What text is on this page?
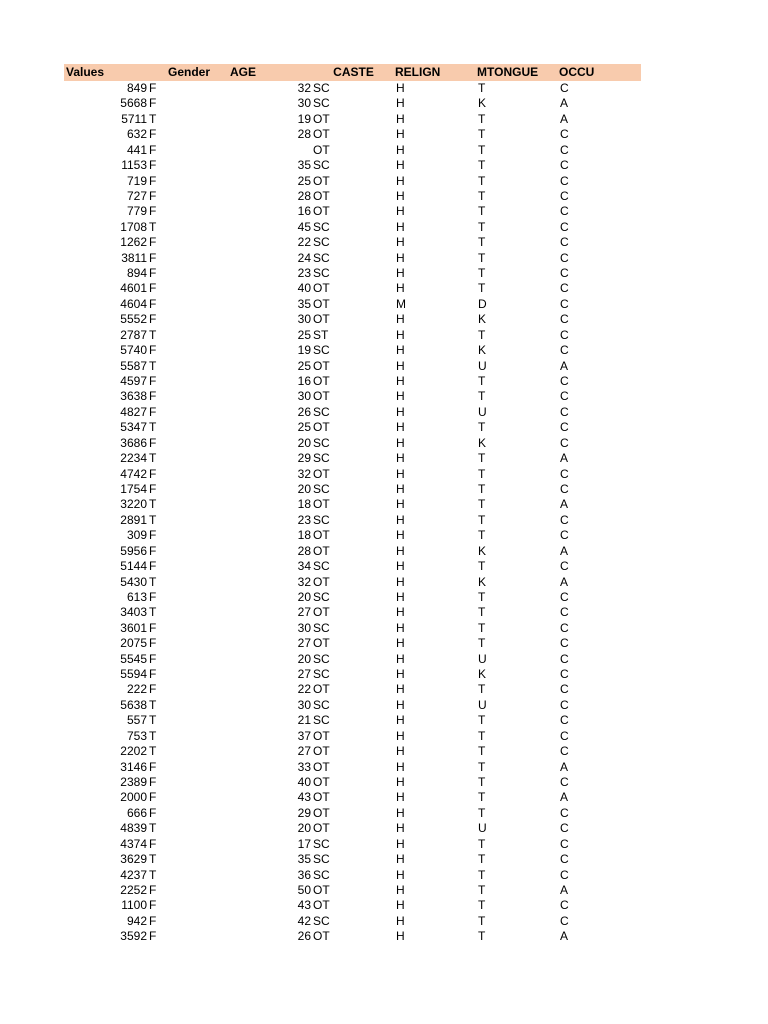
Values	Gender	AGE	CASTE	RELIGN	MTONGUE	OCCU
849 F	32 SC	H	T	C
5668 F	30 SC	H	K	A
5711 T	19 OT	H	T	A
632 F	28 OT	H	T	C
441 F	OT	H	T	C
1153 F	35 SC	H	T	C
719 F	25 OT	H	T	C
727 F	28 OT	H	T	C
779 F	16 OT	H	T	C
1708 T	45 SC	H	T	C
1262 F	22 SC	H	T	C
3811 F	24 SC	H	T	C
894 F	23 SC	H	T	C
4601 F	40 OT	H	T	C
4604 F	35 OT	M	D	C
5552 F	30 OT	H	K	C
2787 T	25 ST	H	T	C
5740 F	19 SC	H	K	C
5587 T	25 OT	H	U	A
4597 F	16 OT	H	T	C
3638 F	30 OT	H	T	C
4827 F	26 SC	H	U	C
5347 T	25 OT	H	T	C
3686 F	20 SC	H	K	C
2234 T	29 SC	H	T	A
4742 F	32 OT	H	T	C
1754 F	20 SC	H	T	C
3220 T	18 OT	H	T	A
2891 T	23 SC	H	T	C
309 F	18 OT	H	T	C
5956 F	28 OT	H	K	A
5144 F	34 SC	H	T	C
5430 T	32 OT	H	K	A
613 F	20 SC	H	T	C
3403 T	27 OT	H	T	C
3601 F	30 SC	H	T	C
2075 F	27 OT	H	T	C
5545 F	20 SC	H	U	C
5594 F	27 SC	H	K	C
222 F	22 OT	H	T	C
5638 T	30 SC	H	U	C
557 T	21 SC	H	T	C
753 T	37 OT	H	T	C
2202 T	27 OT	H	T	C
3146 F	33 OT	H	T	A
2389 F	40 OT	H	T	C
2000 F	43 OT	H	T	A
666 F	29 OT	H	T	C
4839 T	20 OT	H	U	C
4374 F	17 SC	H	T	C
3629 T	35 SC	H	T	C
4237 T	36 SC	H	T	C
2252 F	50 OT	H	T	A
1100 F	43 OT	H	T	C
942 F	42 SC	H	T	C
3592 F	26 OT	H	T	A
